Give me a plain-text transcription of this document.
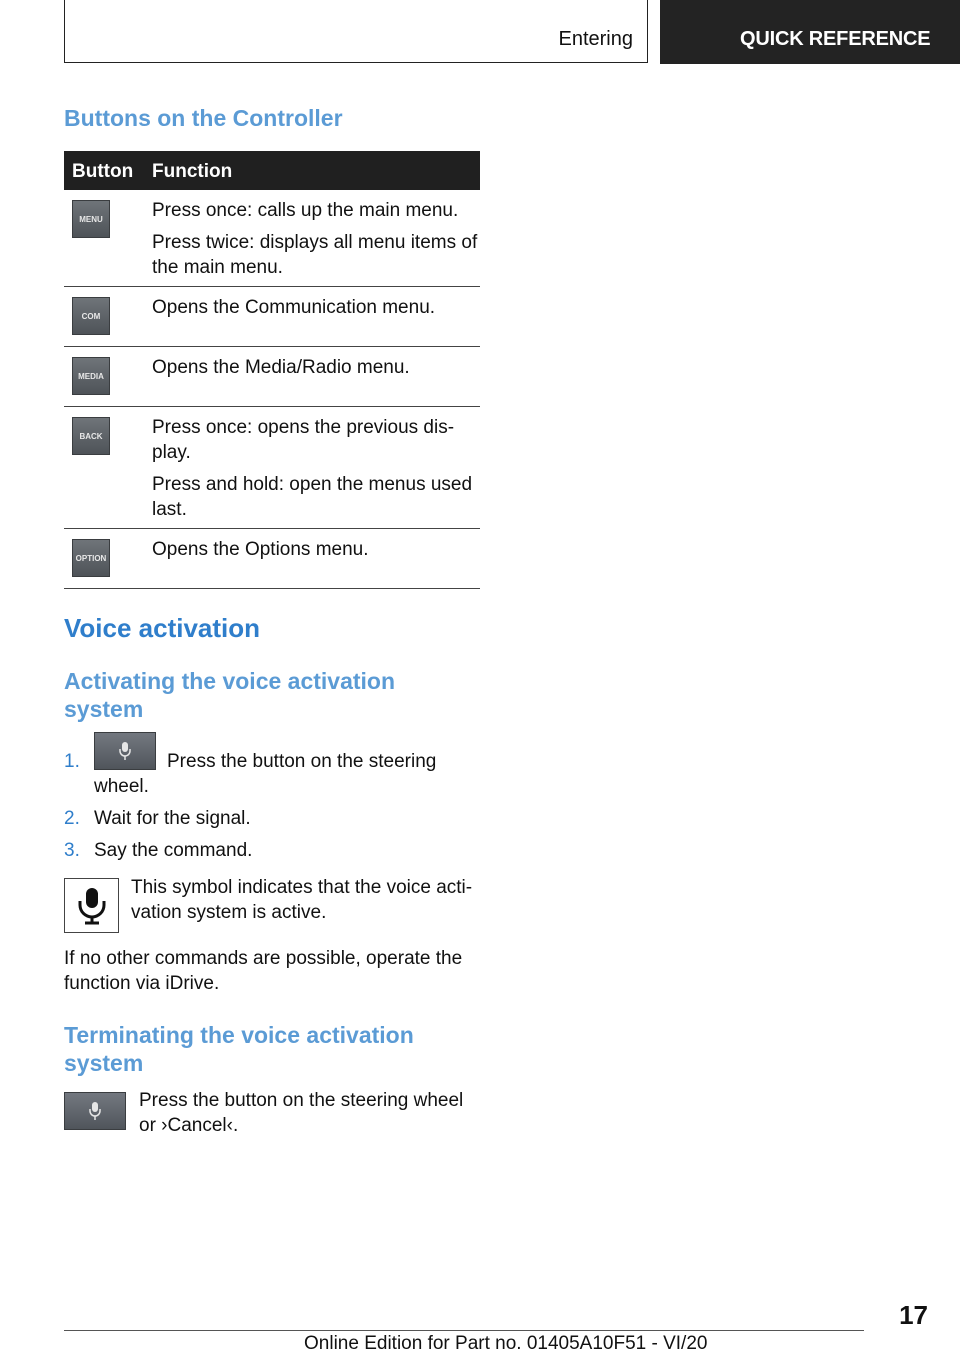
Entering	QUICK REFERENCE
Buttons on the Controller
Button Function
MENU	Press once: calls up the main menu.

Press twice: displays all menu items of the main menu.

COM	Opens the Communication menu.

MEDIA	Opens the Media/Radio menu.

BACK	Press once: opens the previous dis- play.

Press and hold: open the menus used last.

OPTION Opens the Options menu.

Voice activation
Activating the voice activation system
1.	Press the button on the steering wheel.
2. Wait for the signal.
3. Say the command.
This symbol indicates that the voice acti- vation system is active.
If no other commands are possible, operate the function via iDrive.
Terminating the voice activation system
Press the button on the steering wheel or ›Cancel‹.
17
Online Edition for Part no. 01405A10F51 - VI/20
